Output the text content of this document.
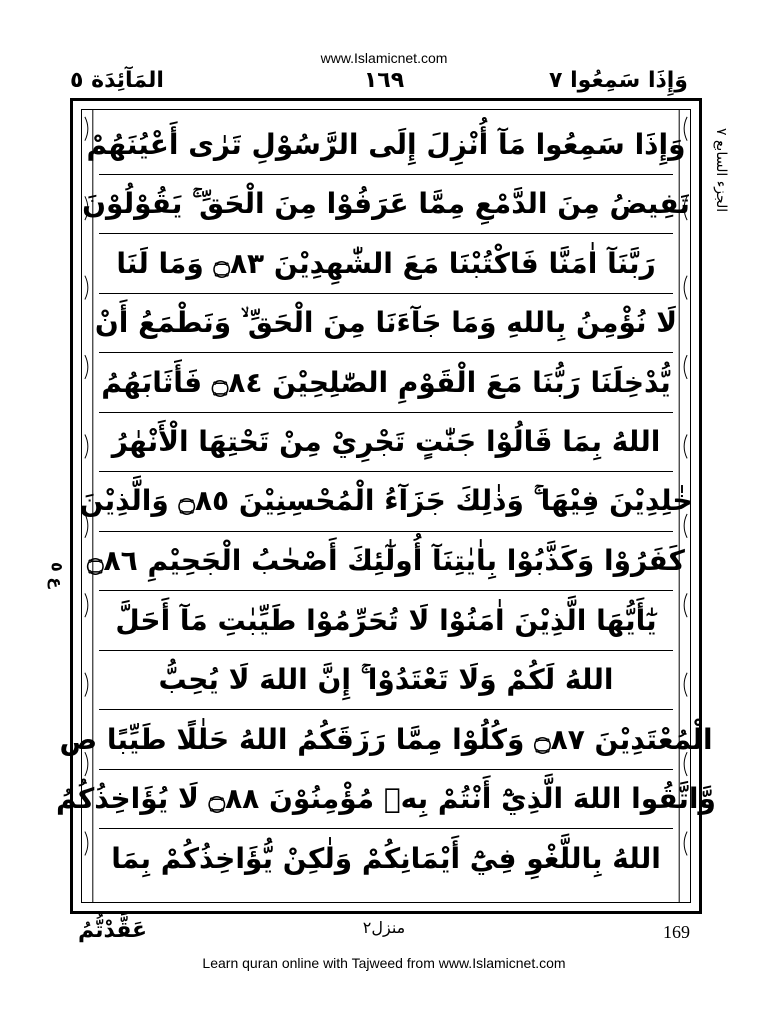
www.Islamicnet.com
وَإِذَا سَمِعُوا ٧
١٦٩
المَآئِدَة ٥
الجزء السابع ٧
ع ٥
وَإِذَا سَمِعُوا مَآ أُنْزِلَ إِلَى الرَّسُوْلِ تَرٰى أَعْيُنَهُمْ
تَفِيضُ مِنَ الدَّمْعِ مِمَّا عَرَفُوْا مِنَ الْحَقِّ ۚ يَقُوْلُوْنَ
رَبَّنَآ اٰمَنَّا فَاكْتُبْنَا مَعَ الشّٰهِدِيْنَ ۝٨٣ وَمَا لَنَا
لَا نُؤْمِنُ بِاللهِ وَمَا جَآءَنَا مِنَ الْحَقِّ ۙ وَنَطْمَعُ أَنْ
يُّدْخِلَنَا رَبُّنَا مَعَ الْقَوْمِ الصّٰلِحِيْنَ ۝٨٤ فَأَثَابَهُمُ
اللهُ بِمَا قَالُوْا جَنّٰتٍ تَجْرِيْ مِنْ تَحْتِهَا الْأَنْهٰرُ
خٰلِدِيْنَ فِيْهَا ۚ وَذٰلِكَ جَزَآءُ الْمُحْسِنِيْنَ ۝٨٥ وَالَّذِيْنَ
كَفَرُوْا وَكَذَّبُوْا بِاٰيٰتِنَآ أُولٰٓئِكَ أَصْحٰبُ الْجَحِيْمِ ۝٨٦
يٰٓأَيُّهَا الَّذِيْنَ اٰمَنُوْا لَا تُحَرِّمُوْا طَيِّبٰتِ مَآ أَحَلَّ
اللهُ لَكُمْ وَلَا تَعْتَدُوْا ۚ إِنَّ اللهَ لَا يُحِبُّ
الْمُعْتَدِيْنَ ۝٨٧ وَكُلُوْا مِمَّا رَزَقَكُمُ اللهُ حَلٰلًا طَيِّبًا ص
وَّاتَّقُوا اللهَ الَّذِيْٓ أَنْتُمْ بِهٖ مُؤْمِنُوْنَ ۝٨٨ لَا يُؤَاخِذُكُمُ
اللهُ بِاللَّغْوِ فِيْٓ أَيْمَانِكُمْ وَلٰكِنْ يُّؤَاخِذُكُمْ بِمَا
عَقَّدْتُّمُ	منزل٢	169
Learn quran online with Tajweed from www.Islamicnet.com
